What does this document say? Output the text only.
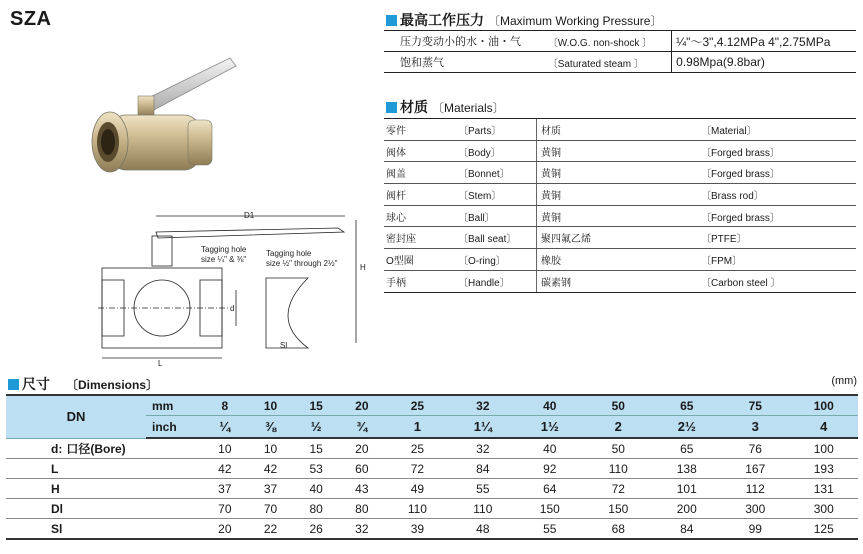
SZA
D1
d
L
Tagging hole
size ¼" & ⅜"
Tagging hole
size ½" through 2½"	H
Sl
最高工作压力 〔Maximum Working Pressure〕
压力变动小的水・油・气	〔W.O.G. non-shock 〕	¼"～3",4.12MPa 4",2.75MPa
饱和蒸气	〔Saturated steam 〕	0.98Mpa(9.8bar)
材质 〔Materials〕
零件	〔Parts〕	材质	〔Material〕
阀体	〔Body〕	黄铜	〔Forged brass〕
阀盖	〔Bonnet〕	黄铜	〔Forged brass〕
阀杆	〔Stem〕	黄铜	〔Brass rod〕
球心	〔Ball〕	黄铜	〔Forged brass〕
密封座	〔Ball seat〕	聚四氟乙烯	〔PTFE〕
O型圈	〔O-ring〕	橡胶	〔FPM〕
手柄	〔Handle〕	碳素钢	〔Carbon steel 〕
尺寸 〔Dimensions〕	(mm)
DN	mm	8	10	15	20	25	32	40	50	65	75	100
	inch	¼	⅜	½	¾	1	1¼	1½	2	2½	3	4
d: 口径(Bore)		10	10	15	20	25	32	40	50	65	76	100
L		42	42	53	60	72	84	92	110	138	167	193
H		37	37	40	43	49	55	64	72	101	112	131
Dl		70	70	80	80	110	110	150	150	200	300	300
Sl		20	22	26	32	39	48	55	68	84	99	125
